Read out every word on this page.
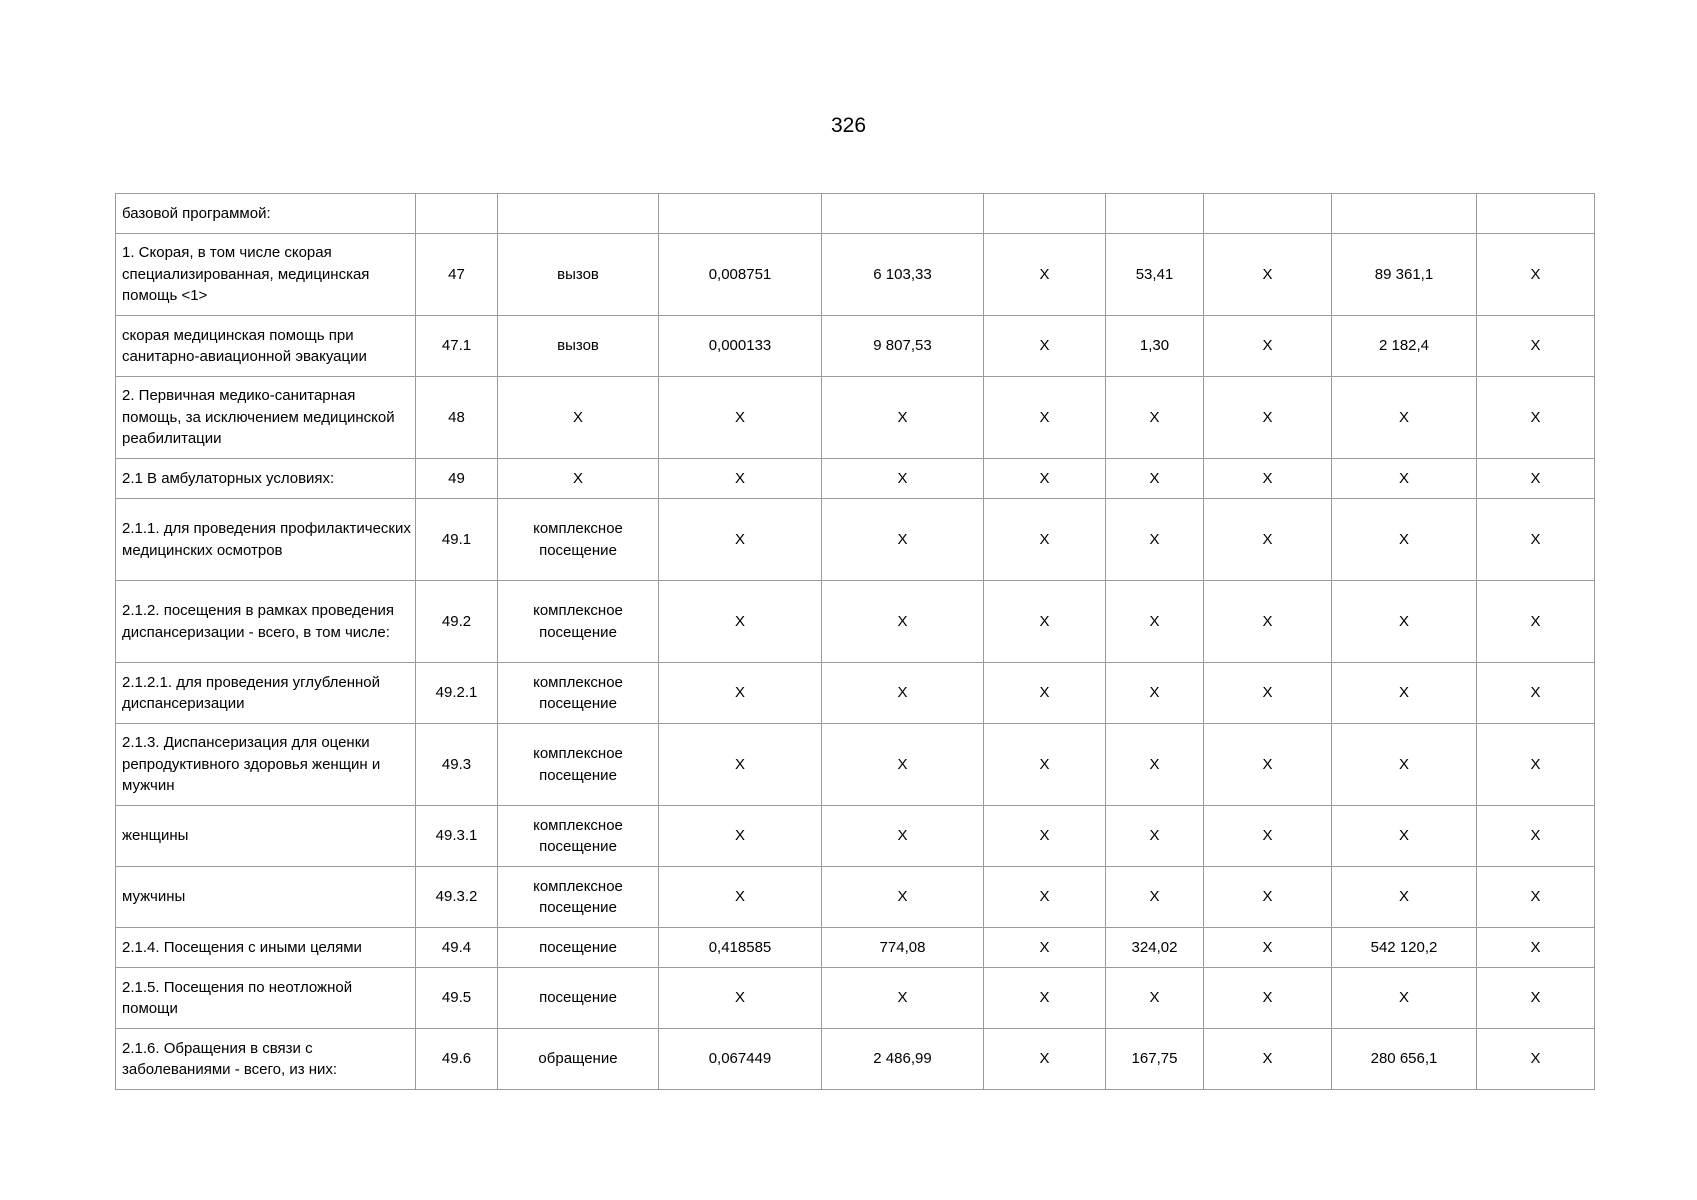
326
базовой программой:									
1. Скорая, в том числе скорая специализированная, медицинская помощь <1>	47	вызов	0,008751	6 103,33	X	53,41	X	89 361,1	X
скорая медицинская помощь при санитарно-авиационной эвакуации	47.1	вызов	0,000133	9 807,53	X	1,30	X	2 182,4	X
2. Первичная медико-санитарная помощь, за исключением медицинской реабилитации	48	X	X	X	X	X	X	X	X
2.1 В амбулаторных условиях:	49	X	X	X	X	X	X	X	X
2.1.1. для проведения профилактических медицинских осмотров	49.1	комплексное посещение	X	X	X	X	X	X	X
2.1.2. посещения в рамках проведения диспансеризации - всего, в том числе:	49.2	комплексное посещение	X	X	X	X	X	X	X
2.1.2.1. для проведения углубленной диспансеризации	49.2.1	комплексное посещение	X	X	X	X	X	X	X
2.1.3. Диспансеризация для оценки репродуктивного здоровья женщин и мужчин	49.3	комплексное посещение	X	X	X	X	X	X	X
женщины	49.3.1	комплексное посещение	X	X	X	X	X	X	X
мужчины	49.3.2	комплексное посещение	X	X	X	X	X	X	X
2.1.4. Посещения с иными целями	49.4	посещение	0,418585	774,08	X	324,02	X	542 120,2	X
2.1.5. Посещения по неотложной помощи	49.5	посещение	X	X	X	X	X	X	X
2.1.6. Обращения в связи с заболеваниями - всего, из них:	49.6	обращение	0,067449	2 486,99	X	167,75	X	280 656,1	X
